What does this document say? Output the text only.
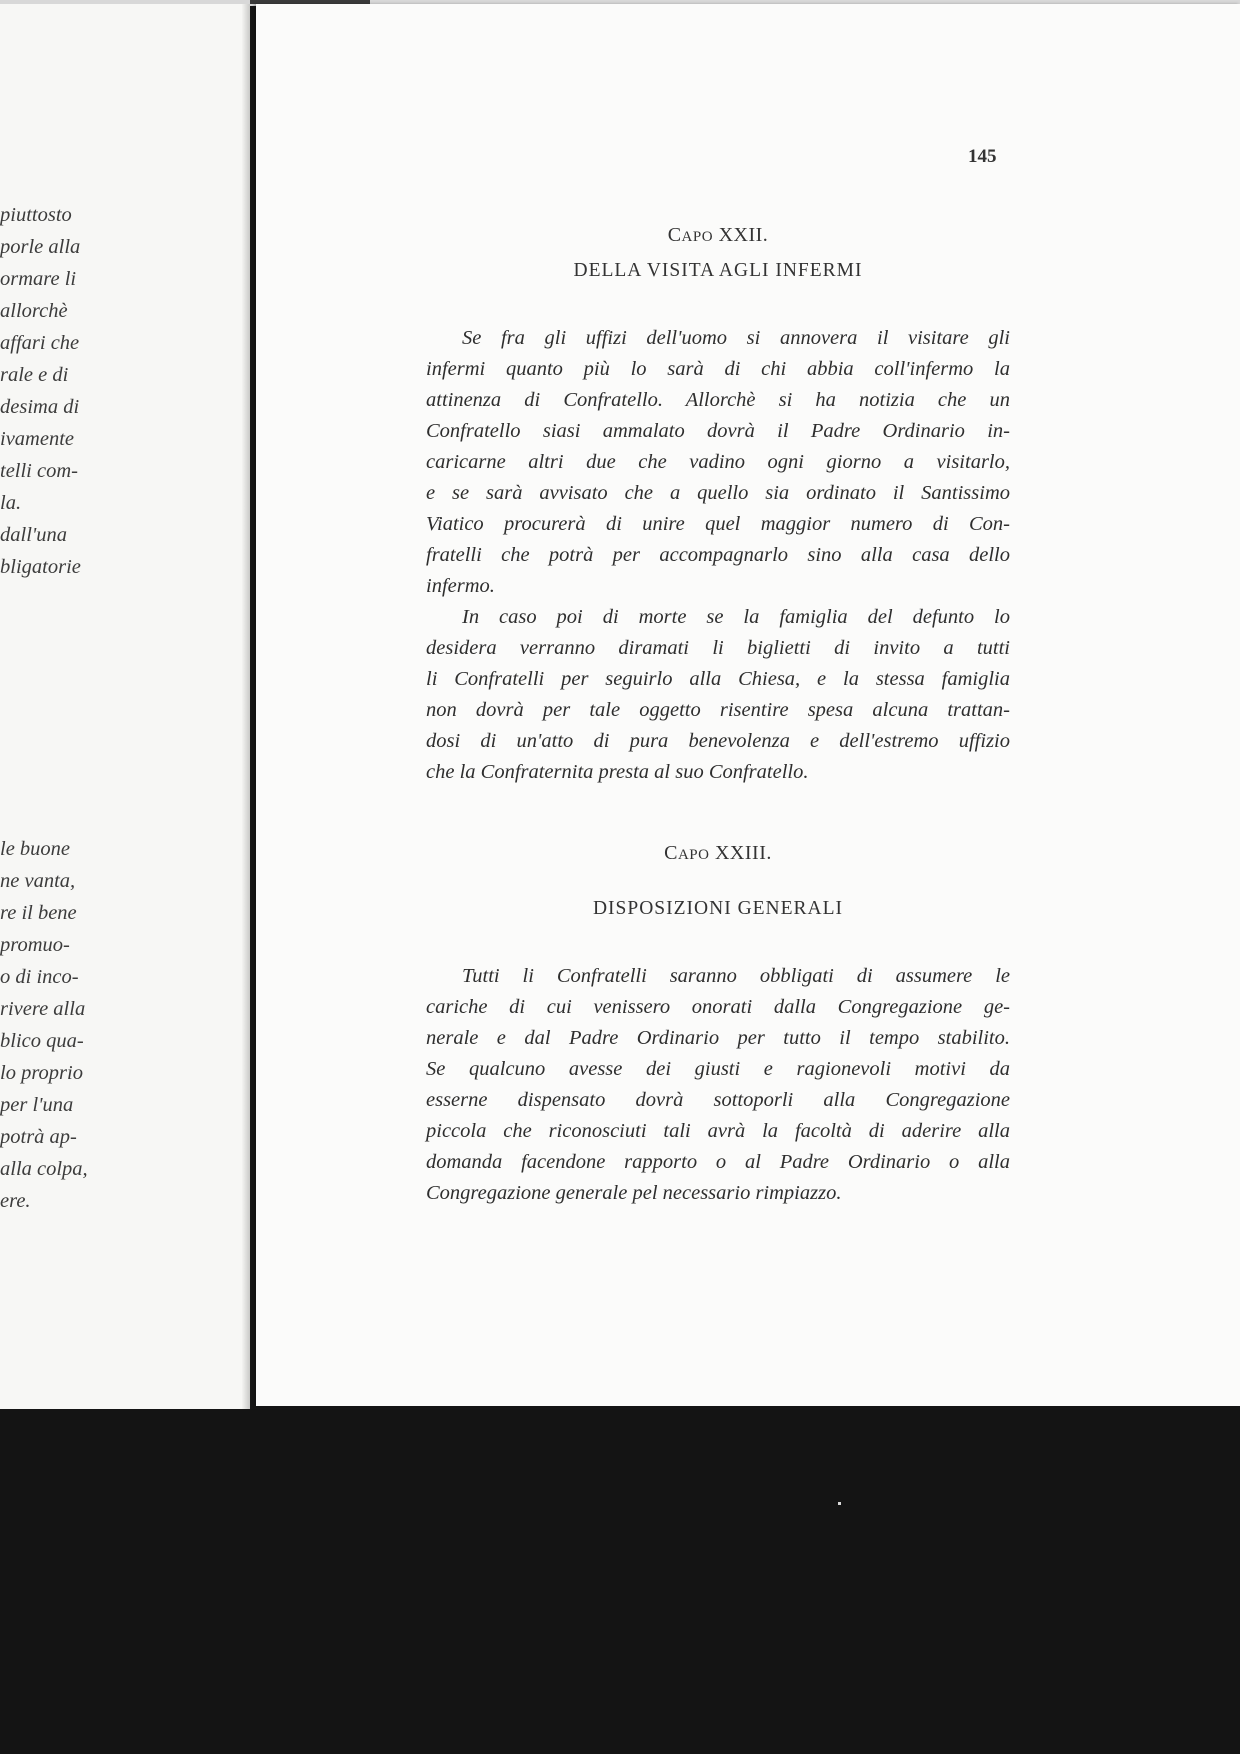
piuttosto
porle alla
ormare li
allorchè
affari che
rale e di
desima di
ivamente
telli com-
la.
dall'una
bligatorie
le buone
ne vanta,
re il bene
promuo-
o di inco-
rivere alla
blico qua-
lo proprio
per l'una
potrà ap-
alla colpa,
ere.
145
CAPO XXII.
DELLA VISITA AGLI INFERMI
Se fra gli uffizi dell'uomo si annovera il visitare gli
infermi quanto più lo sarà di chi abbia coll'infermo la
attinenza di Confratello. Allorchè si ha notizia che un
Confratello siasi ammalato dovrà il Padre Ordinario in-
caricarne altri due che vadino ogni giorno a visitarlo,
e se sarà avvisato che a quello sia ordinato il Santissimo
Viatico procurerà di unire quel maggior numero di Con-
fratelli che potrà per accompagnarlo sino alla casa dello
infermo.
In caso poi di morte se la famiglia del defunto lo
desidera verranno diramati li biglietti di invito a tutti
li Confratelli per seguirlo alla Chiesa, e la stessa famiglia
non dovrà per tale oggetto risentire spesa alcuna trattan-
dosi di un'atto di pura benevolenza e dell'estremo uffizio
che la Confraternita presta al suo Confratello.
CAPO XXIII.
DISPOSIZIONI GENERALI
Tutti li Confratelli saranno obbligati di assumere le
cariche di cui venissero onorati dalla Congregazione ge-
nerale e dal Padre Ordinario per tutto il tempo stabilito.
Se qualcuno avesse dei giusti e ragionevoli motivi da
esserne dispensato dovrà sottoporli alla Congregazione
piccola che riconosciuti tali avrà la facoltà di aderire alla
domanda facendone rapporto o al Padre Ordinario o alla
Congregazione generale pel necessario rimpiazzo.
